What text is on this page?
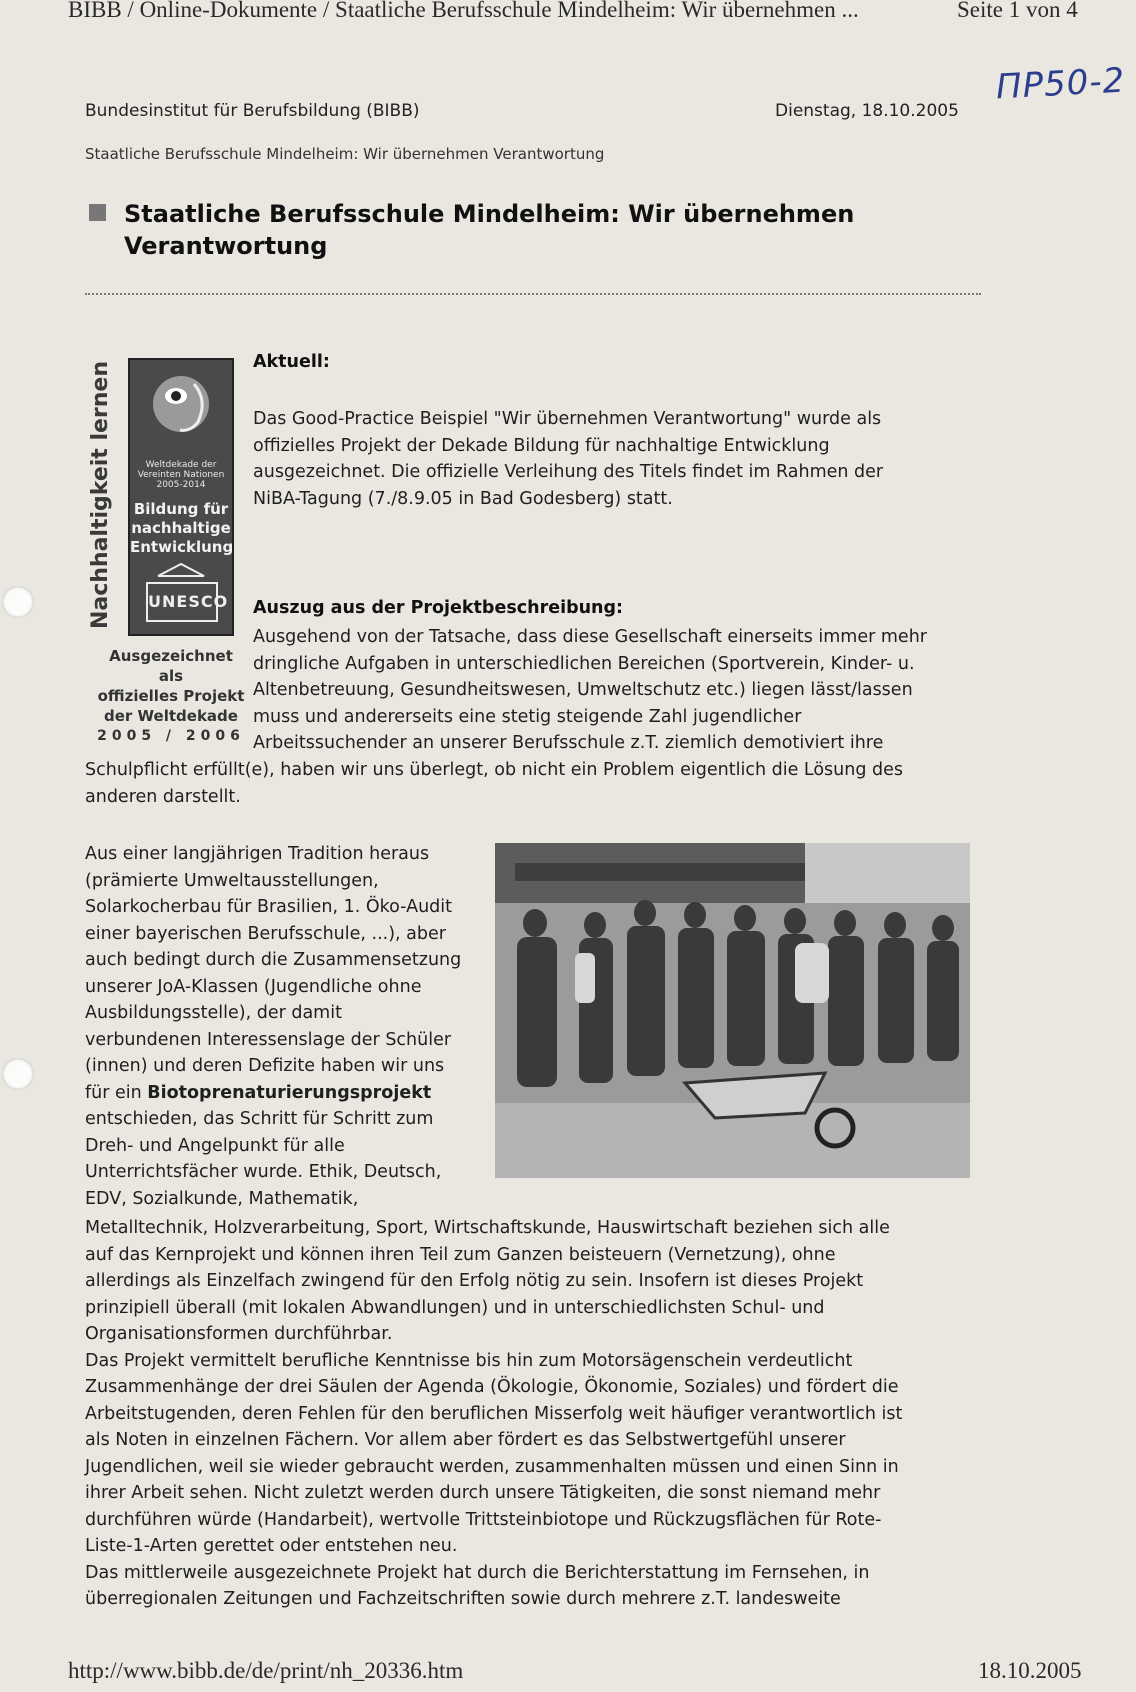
BIBB / Online-Dokumente / Staatliche Berufsschule Mindelheim: Wir übernehmen ...	Seite 1 von 4
ПР50-2
Bundesinstitut für Berufsbildung (BIBB)	Dienstag, 18.10.2005
Staatliche Berufsschule Mindelheim: Wir übernehmen Verantwortung
Staatliche Berufsschule Mindelheim: Wir übernehmen
Verantwortung
Nachhaltigkeit lernen	Weltdekade der
Vereinten Nationen
2005-2014
Bildung für
nachhaltige
Entwicklung
UNESCO
Ausgezeichnet als
offizielles Projekt
der Weltdekade
2005 / 2006
Aktuell:

Das Good-Practice Beispiel "Wir übernehmen Verantwortung" wurde als

offizielles Projekt der Dekade Bildung für nachhaltige Entwicklung

ausgezeichnet. Die offizielle Verleihung des Titels findet im Rahmen der

NiBA-Tagung (7./8.9.05 in Bad Godesberg) statt.

Auszug aus der Projektbeschreibung:

Ausgehend von der Tatsache, dass diese Gesellschaft einerseits immer mehr

dringliche Aufgaben in unterschiedlichen Bereichen (Sportverein, Kinder- u.

Altenbetreuung, Gesundheitswesen, Umweltschutz etc.) liegen lässt/lassen

muss und andererseits eine stetig steigende Zahl jugendlicher

Arbeitssuchender an unserer Berufsschule z.T. ziemlich demotiviert ihre

Schulpflicht erfüllt(e), haben wir uns überlegt, ob nicht ein Problem eigentlich die Lösung des

anderen darstellt.

Aus einer langjährigen Tradition heraus

(prämierte Umweltausstellungen,

Solarkocherbau für Brasilien, 1. Öko-Audit

einer bayerischen Berufsschule, ...), aber

auch bedingt durch die Zusammensetzung

unserer JoA-Klassen (Jugendliche ohne

Ausbildungsstelle), der damit

verbundenen Interessenslage der Schüler

(innen) und deren Defizite haben wir uns

für ein Biotoprenaturierungsprojekt

entschieden, das Schritt für Schritt zum

Dreh- und Angelpunkt für alle

Unterrichtsfächer wurde. Ethik, Deutsch,

EDV, Sozialkunde, Mathematik,

Metalltechnik, Holzverarbeitung, Sport, Wirtschaftskunde, Hauswirtschaft beziehen sich alle

auf das Kernprojekt und können ihren Teil zum Ganzen beisteuern (Vernetzung), ohne

allerdings als Einzelfach zwingend für den Erfolg nötig zu sein. Insofern ist dieses Projekt

prinzipiell überall (mit lokalen Abwandlungen) und in unterschiedlichsten Schul- und

Organisationsformen durchführbar.

Das Projekt vermittelt berufliche Kenntnisse bis hin zum Motorsägenschein verdeutlicht

Zusammenhänge der drei Säulen der Agenda (Ökologie, Ökonomie, Soziales) und fördert die

Arbeitstugenden, deren Fehlen für den beruflichen Misserfolg weit häufiger verantwortlich ist

als Noten in einzelnen Fächern. Vor allem aber fördert es das Selbstwertgefühl unserer

Jugendlichen, weil sie wieder gebraucht werden, zusammenhalten müssen und einen Sinn in

ihrer Arbeit sehen. Nicht zuletzt werden durch unsere Tätigkeiten, die sonst niemand mehr

durchführen würde (Handarbeit), wertvolle Trittsteinbiotope und Rückzugsflächen für Rote-

Liste-1-Arten gerettet oder entstehen neu.

Das mittlerweile ausgezeichnete Projekt hat durch die Berichterstattung im Fernsehen, in

überregionalen Zeitungen und Fachzeitschriften sowie durch mehrere z.T. landesweite

http://www.bibb.de/de/print/nh_20336.htm	18.10.2005
